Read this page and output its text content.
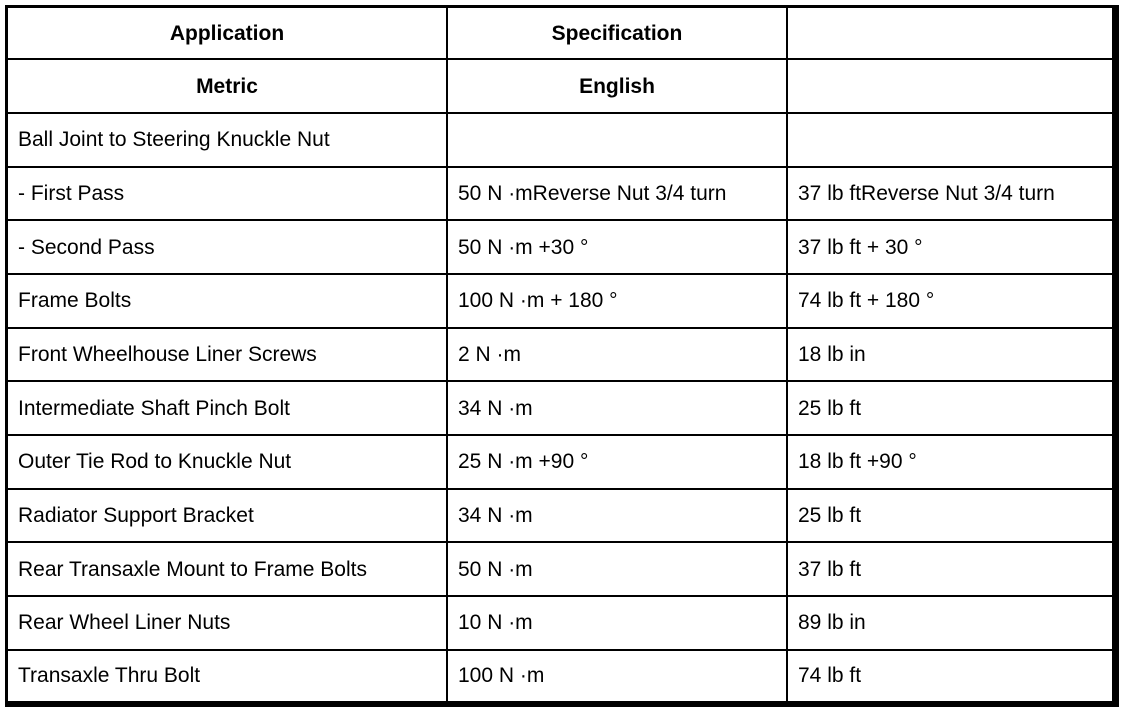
Application	Specification	
Metric	English	
Ball Joint to Steering Knuckle Nut		
- First Pass	50 N ·mReverse Nut 3/4 turn	37 lb ftReverse Nut 3/4 turn
- Second Pass	50 N ·m +30 °	37 lb ft + 30 °
Frame Bolts	100 N ·m + 180 °	74 lb ft + 180 °
Front Wheelhouse Liner Screws	2 N ·m	18 lb in
Intermediate Shaft Pinch Bolt	34 N ·m	25 lb ft
Outer Tie Rod to Knuckle Nut	25 N ·m +90 °	18 lb ft +90 °
Radiator Support Bracket	34 N ·m	25 lb ft
Rear Transaxle Mount to Frame Bolts	50 N ·m	37 lb ft
Rear Wheel Liner Nuts	10 N ·m	89 lb in
Transaxle Thru Bolt	100 N ·m	74 lb ft
